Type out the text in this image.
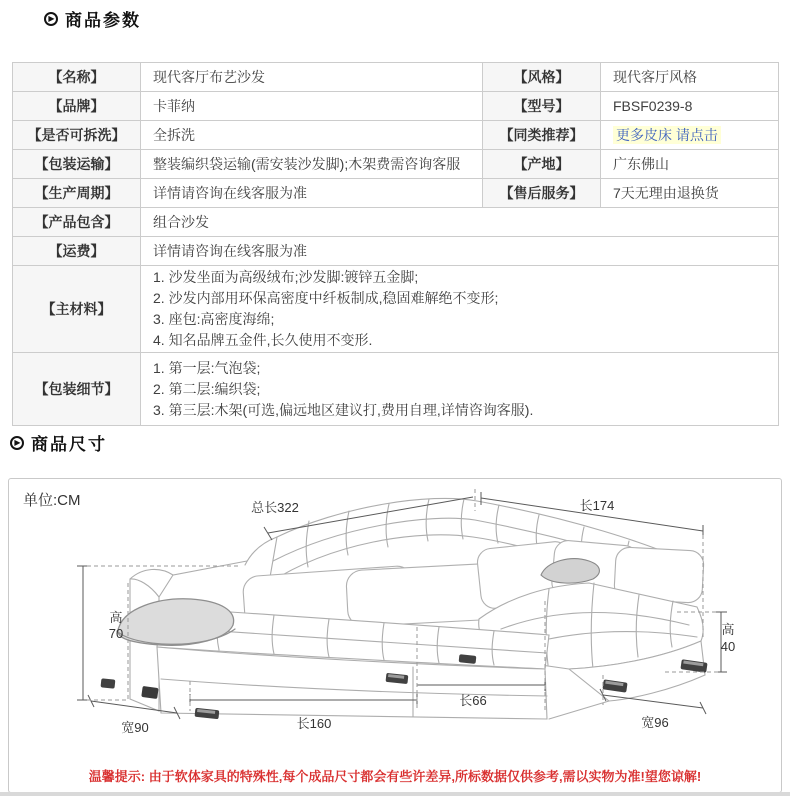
▶ 商品参数
【名称】	现代客厅布艺沙发	【风格】	现代客厅风格
【品牌】	卡菲纳	【型号】	FBSF0239-8
【是否可拆洗】	全拆洗	【同类推荐】	更多皮床 请点击
【包装运输】	整装编织袋运输(需安装沙发脚);木架费需咨询客服	【产地】	广东佛山
【生产周期】	详情请咨询在线客服为准	【售后服务】	7天无理由退换货
【产品包含】	组合沙发		
【运费】	详情请咨询在线客服为准		
【主材料】	1. 沙发坐面为高级绒布;沙发脚:镀锌五金脚;
2. 沙发内部用环保高密度中纤板制成,稳固难解绝不变形;
3. 座包:高密度海绵;
4. 知名品牌五金件,长久使用不变形.		

【包装细节】	1. 第一层:气泡袋;
2. 第二层:编织袋;
3. 第三层:木架(可选,偏远地区建议打,费用自理,详情咨询客服).		
▶ 商品尺寸
单位:CM	总长322	长174
高
70	高
40
宽90	长160
长66
宽96
温馨提示: 由于软体家具的特殊性,每个成品尺寸都会有些许差异,所标数据仅供参考,需以实物为准!望您谅解!
